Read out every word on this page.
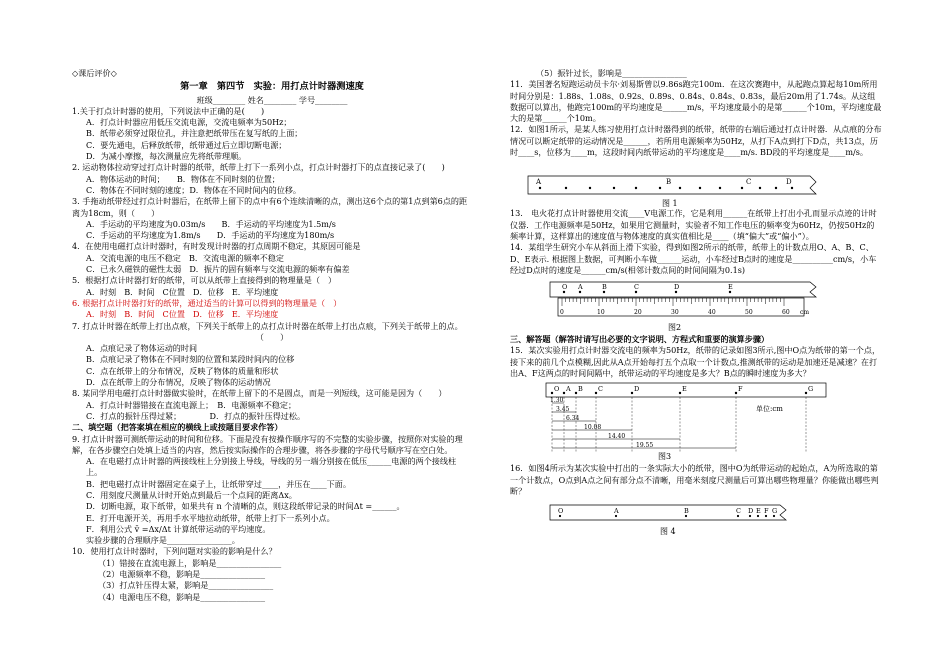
◇课后评价◇

第一章　第四节　实验：用打点计时器测速度

班级________ 姓名________ 学号________

1.关于打点计时器的使用，下列说法中正确的是(　　)

A．打点计时器应用低压交流电源，交流电频率为50Hz；

B．纸带必须穿过限位孔，并注意把纸带压在复写纸的上面；

C．要先通电，后释放纸带，纸带通过后立即切断电源；

D．为减小摩擦，每次测量应先将纸带理顺。

2. 运动物体拉动穿过打点计时器的纸带，纸带上打下一系列小点，打点计时器打下的点直接记录了(　　)

A．物体运动的时间；　　B．物体在不同时刻的位置；

C．物体在不同时刻的速度；D．物体在不同时间内的位移。

3. 手拖动纸带经过打点计时器后，在纸带上留下的点中有6个连续清晰的点，测出这6个点的第1点到第6点的距离为18cm，则（　　）

A．手运动的平均速度为0.03m/s　　B．手运动的平均速度为1.5m/s

C．手运动的平均速度为1.8m/s　　D．手运动的平均速度为180m/s

4．在使用电磁打点计时器时，有时发现计时器的打点周期不稳定，其原因可能是

A．交流电源的电压不稳定　B．交流电源的频率不稳定

C．已永久磁铁的磁性太弱　D．振片的固有频率与交流电源的频率有偏差

5．根据打点计时器打好的纸带，可以从纸带上直接得到的物理量是（　）

A．时刻　B．时间　C位置　D．位移　E．平均速度

6. 根据打点计时器打好的纸带，通过适当的计算可以得到的物理量是（　）

A．时刻　B．时间　C位置　D．位移　E．平均速度

7. 打点计时器在纸带上打出点痕，下列关于纸带上的点打点计时器在纸带上打出点痕，下列关于纸带上的点。

（　　）

A．点痕记录了物体运动的时间

B．点痕记录了物体在不同时刻的位置和某段时间内的位移

C．点在纸带上的分布情况，反映了物体的质量和形状

D．点在纸带上的分布情况，反映了物体的运动情况

8. 某同学用电磁打点计时器做实验时，在纸带上留下的不是圆点，而是一列短线，这可能是因为（　　）

A．打点计时器错接在直流电源上；　B．电源频率不稳定；

C．打点的振针压得过紧；　　　　D．打点的振针压得过松。

二、填空题（把答案填在相应的横线上或按题目要求作答）

9. 打点计时器可测纸带运动的时间和位移。下面是没有按操作顺序写的不完整的实验步骤，按照你对实验的理解，在各步骤空白处填上适当的内容，然后按实际操作的合理步骤，将各步骤的字母代号顺序写在空白处。

A．在电磁打点计时器的两接线柱上分别接上导线，导线的另一端分别接在低压______电源的两个接线柱上。

B．把电磁打点计时器固定在桌子上，让纸带穿过____，并压在____下面。

C．用刻度尺测量从计时开始点到最后一个点间的距离Δx。

D．切断电源，取下纸带，如果共有 n 个清晰的点，则这段纸带记录的时间Δt =______。

E．打开电源开关，再用手水平地拉动纸带，纸带上打下一系列小点。

F．利用公式 v̄ =Δx/Δt 计算纸带运动的平均速度。

实验步骤的合理顺序是________________。

10．使用打点计时器时，下列问题对实验的影响是什么？

（1）错接在直流电源上，影响是________________

（2）电源频率不稳，影响是________________

（3）打点针压得太紧，影响是________________

（4）电源电压不稳，影响是________________

（5）振针过长，影响是________________

11．美国著名短跑运动员卡尔·刘易斯曾以9.86s跑完100m．在这次赛跑中，从起跑点算起每10m所用时间分别是：1.88s、1.08s、0.92s、0.89s、0.84s、0.84s、0.83s，最后20m用了1.74s。从这组数据可以算出，他跑完100m的平均速度是______m/s，平均速度最小的是第______个10m，平均速度最大的是第______个10m。

12．如图1所示，是某人练习使用打点计时器得到的纸带，纸带的右端后通过打点计时器．从点痕的分布情况可以断定纸带的运动情况是______，若所用电源频率为50Hz，从打下A点到打下D点，共13点，历时____s，位移为____m，这段时间内纸带运动的平均速度是____m/s. BD段的平均速度是____m/s。

A	B	C	D
图 1

13.　电火花打点计时器使用交流____V电源工作，它是利用______在纸带上打出小孔而显示点迹的计时仪器．工作电源频率是50Hz，如果用它测量时，实验者不知工作电压的频率变为60Hz，仍按50Hz的频率计算，这样算出的速度值与物体速度的真实值相比是____（填“偏大”或“偏小”）。

14．某组学生研究小车从斜面上滑下实验，得到如图2所示的纸带，纸带上的计数点用O、A、B、C、D、E表示. 根据图上数据，可判断小车做______运动，小车经过B点时的速度是__________cm/s，小车经过D点时的速度是______cm/s(相邻计数点间的时间间隔为0.1s)

0	10	20	30	40	50	60 cm
O A	B	C	D	E
图2

三、解答题（解答时请写出必要的文字说明、方程式和重要的演算步骤）

15．某次实验用打点计时器交流电的频率为50Hz，纸带的记录如图3所示,图中O点为纸带的第一个点，接下来的前几个点模糊,因此从A点开始每打五个点取一个计数点,推测纸带的运动是加速还是减速？在打出A、F这两点的时间间隔中，纸带运动的平均速度是多大？B点的瞬时速度为多大？

O A B C	D	E	F	G
1.30
3.45
6.34
10.08
14.40
19.55
单位:cm
图3

16．如图4所示为某次实验中打出的一条实际大小的纸带，图中O为纸带运动的起始点，A为所选取的第一个计数点，O点到A点之间有部分点不清晰，用毫米刻度尺测量后可算出哪些物理量？你能做出哪些判断？

O	A	B	C D E F G
图 4
